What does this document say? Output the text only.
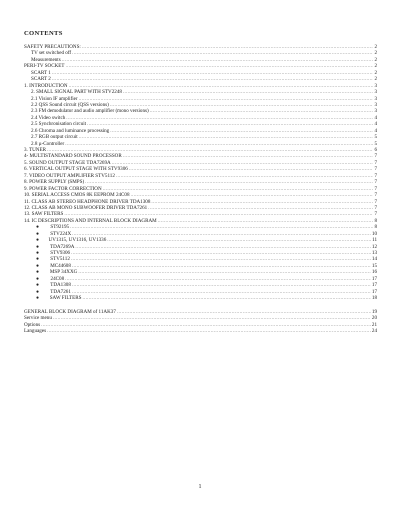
CONTENTS
SAFETY PRECAUTIONS: .....	2
TV set switched off .....	2
Measurements .....	2
PERI-TV SOCKET .....	2
SCART 1 .....	2
SCART 2 .....	2
1. INTRODUCTION .....	3
2. SMALL SIGNAL PART WITH STV2248 .....	3
2.1 Vision IF amplifier .....	3
2.2 QSS Sound circuit (QSS versions) .....	3
2.3 FM demodulator and audio amplifier (mono versions) .....	3
2.4 Video switch .....	4
2.5 Synchronisation circuit .....	4
2.6 Chroma and luminance processing .....	4
2.7 RGB output circuit .....	5
2.8 µ-Controller .....	5
3. TUNER .....	6
4- MULTISTANDARD SOUND PROCESSOR .....	7
5. SOUND OUTPUT STAGE TDA7269A .....	7
6. VERTICAL OUTPUT STAGE WITH STV9306 .....	7
7. VIDEO OUTPUT AMPLIFIER STV5112 .....	7
8. POWER SUPPLY (SMPS) .....	7
9. POWER FACTOR CORRECTION .....	7
10. SERIAL ACCESS CMOS 8K EEPROM 24C08 .....	7
11. CLASS AB STEREO HEADPHONE DRIVER TDA1308 .....	7
12. CLASS AB MONO SUBWOOFER DRIVER TDA7261 .....	7
13. SAW FILTERS .....	7
14. IC DESCRIPTIONS AND INTERNAL BLOCK DIAGRAM .....	8
●	ST92195 .....	8
●	STV224X .....	10
●	UV1315, UV1316, UV1336 .....	11
●	TDA7269A .....	12
●	STV9306 .....	13
●	STV5112 .....	14
●	MC44608 .....	15
●	MSP 34XXG .....	16
●	24C08 .....	17
●	TDA1308 .....	17
●	TDA7261 .....	17
●	SAW FILTERS .....	18
GENERAL BLOCK DIAGRAM of 11AK37 .....	19
Service menu .....	20
Options .....	21
Languages .....	24
1
